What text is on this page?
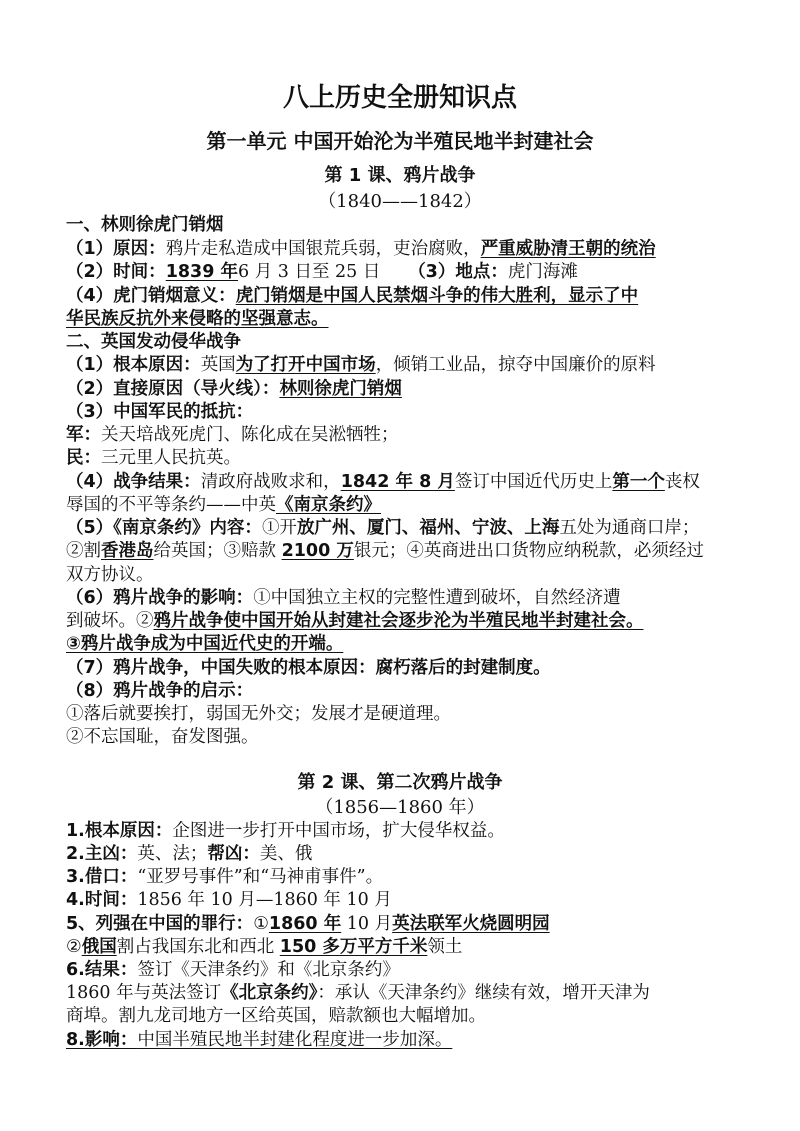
八上历史全册知识点
第一单元 中国开始沦为半殖民地半封建社会
第 1 课、鸦片战争
（1840——1842）
一、林则徐虎门销烟
（1）原因：鸦片走私造成中国银荒兵弱，吏治腐败，严重威胁清王朝的统治
（2）时间：1839 年6 月 3 日至 25 日 （3）地点：虎门海滩
（4）虎门销烟意义：虎门销烟是中国人民禁烟斗争的伟大胜利，显示了中
华民族反抗外来侵略的坚强意志。
二、英国发动侵华战争
（1）根本原因：英国为了打开中国市场，倾销工业品，掠夺中国廉价的原料
（2）直接原因（导火线）：林则徐虎门销烟
（3）中国军民的抵抗：
军：关天培战死虎门、陈化成在吴淞牺牲；
民：三元里人民抗英。
（4）战争结果：清政府战败求和，1842 年 8 月签订中国近代历史上第一个丧权
辱国的不平等条约——中英《南京条约》
（5）《南京条约》内容：①开放广州、厦门、福州、宁波、上海五处为通商口岸；
②割香港岛给英国；③赔款 2100 万银元；④英商进出口货物应纳税款，必须经过
双方协议。
（6）鸦片战争的影响：①中国独立主权的完整性遭到破坏，自然经济遭
到破坏。②鸦片战争使中国开始从封建社会逐步沦为半殖民地半封建社会。
③鸦片战争成为中国近代史的开端。
（7）鸦片战争，中国失败的根本原因：腐朽落后的封建制度。
（8）鸦片战争的启示：
①落后就要挨打，弱国无外交；发展才是硬道理。
②不忘国耻，奋发图强。
第 2 课、第二次鸦片战争
（1856—1860 年）
1.根本原因：企图进一步打开中国市场，扩大侵华权益。
2.主凶：英、法；帮凶：美、俄
3.借口：“亚罗号事件”和“马神甫事件”。
4.时间：1856 年 10 月—1860 年 10 月
5、列强在中国的罪行：①1860 年 10 月英法联军火烧圆明园
②俄国割占我国东北和西北 150 多万平方千米领土
6.结果：签订《天津条约》和《北京条约》
1860 年与英法签订《北京条约》：承认《天津条约》继续有效，增开天津为
商埠。割九龙司地方一区给英国，赔款额也大幅增加。
8.影响：中国半殖民地半封建化程度进一步加深。
